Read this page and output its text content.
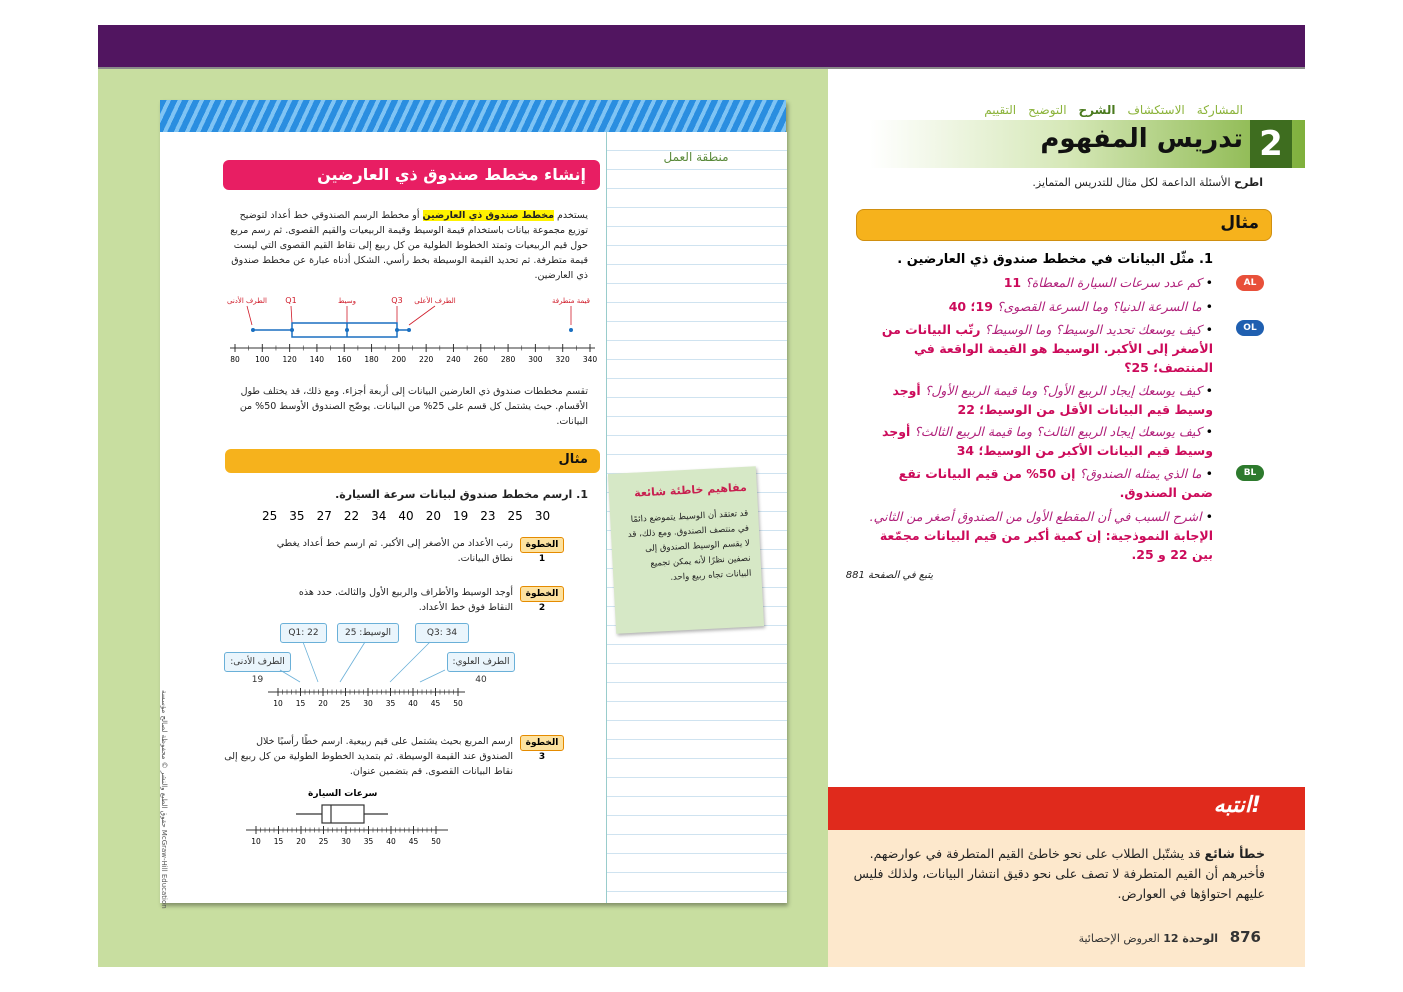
المشاركة
الاستكشاف
الشرح
التوضيح
التقييم
2
تدريس المفهوم
اطرح الأسئلة الداعمة لكل مثال للتدريس المتمايز.
مثال
1. مثّل البيانات في مخطط صندوق ذي العارضين .
AL
OL
BL
• كم عدد سرعات السيارة المعطاة؟ 11
• ما السرعة الدنيا؟ وما السرعة القصوى؟ 19؛ 40
• كيف يوسعك تحديد الوسيط؟ وما الوسيط؟ رتّب البيانات من الأصغر إلى الأكبر. الوسيط هو القيمة الواقعة في المنتصف؛ 25؟
• كيف يوسعك إيجاد الربيع الأول؟ وما قيمة الربيع الأول؟ أوجد وسيط قيم البيانات الأقل من الوسيط؛ 22
• كيف يوسعك إيجاد الربيع الثالث؟ وما قيمة الربيع الثالث؟ أوجد وسيط قيم البيانات الأكبر من الوسيط؛ 34
• ما الذي يمثله الصندوق؟ إن 50% من قيم البيانات تقع ضمن الصندوق.
• اشرح السبب في أن المقطع الأول من الصندوق أصغر من الثاني. الإجابة النموذجية: إن كمية أكبر من قيم البيانات مجمّعة بين 22 و 25.
يتبع في الصفحة 881
انتبه!
خطأ شائع قد يشتّبل الطلاب على نحو خاطئ القيم المتطرفة في عوارضهم. فأخبرهم أن القيم المتطرفة لا تصف على نحو دقيق انتشار البيانات، ولذلك فليس عليهم احتواؤها في العوارض.
الوحدة 12 العروض الإحصائية	876
منطقة العمل
إنشاء مخطط صندوق ذي العارضين
يستخدم مخطط صندوق ذي العارضين أو مخطط الرسم الصندوقي خط أعداد لتوضيح توزيع مجموعة بيانات باستخدام قيمة الوسيط وقيمة الربيعيات والقيم القصوى. ثم رسم مربع حول قيم الربيعيات وتمتد الخطوط الطولية من كل ربيع إلى نقاط القيم القصوى التي ليست قيمة متطرفة. ثم تحديد القيمة الوسيطة بخط رأسي. الشكل أدناه عبارة عن مخطط صندوق ذي العارضين.
الطرف الأدنى Q1	وسيط	Q3 الطرف الأعلى	قيمة متطرفة
80 100 120 140 160 180 200 220 240 260 280 300 320 340
تقسم مخططات صندوق ذي العارضين البيانات إلى أربعة أجزاء. ومع ذلك، قد يختلف طول الأقسام. حيث يشتمل كل قسم على 25% من البيانات. يوضّح الصندوق الأوسط 50% من البيانات.
مثال
1. ارسم مخطط صندوق لبيانات سرعة السيارة.
25 35 27 22 34 40 20 19 23 25 30
الخطوة 1
رتب الأعداد من الأصغر إلى الأكبر. ثم ارسم خط أعداد يغطي نطاق البيانات.
الخطوة 2
أوجد الوسيط والأطراف والربيع الأول والثالث. حدد هذه النقاط فوق خط الأعداد.
Q1: 22	الوسيط: 25	Q3: 34
الطرف الأدنى: 19
الطرف العلوي: 40
10 15 20 25 30 35 40 45 50
الخطوة 3
ارسم المربع بحيث يشتمل على قيم ربيعية. ارسم خطًا رأسيًا خلال الصندوق عند القيمة الوسيطة. ثم بتمديد الخطوط الطولية من كل ربيع إلى نقاط البيانات القصوى. قم بتضمين عنوان.
سرعات السيارة
10 15 20 25 30 35 40 45 50
مفاهيم خاطئة شائعة
قد تعتقد أن الوسيط يتموضع دائمًا في منتصف الصندوق. ومع ذلك، قد لا يقسم الوسيط الصندوق إلى نصفين نظرًا لأنه يمكن تجميع البيانات تجاه ربيع واحد.
حقوق الطبع والنشر © محفوظة لصالح مؤسسة McGraw-Hill Education
